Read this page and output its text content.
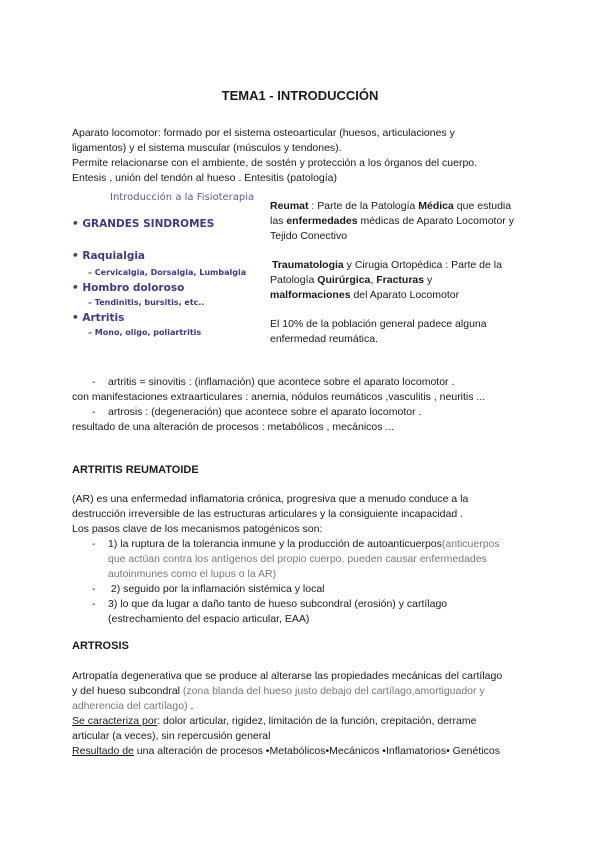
TEMA1 - INTRODUCCIÓN
Aparato locomotor: formado por el sistema osteoarticular (huesos, articulaciones y
ligamentos) y el sistema muscular (músculos y tendones).
Permite relacionarse con el ambiente, de sostén y protección a los órganos del cuerpo.
Entesis , unión del tendón al hueso . Entesitis (patología)
Introducción a la Fisioterapia
• GRANDES SINDROMES
• Raquialgia
– Cervicalgia, Dorsalgia, Lumbalgia
• Hombro doloroso
– Tendinitis, bursitis, etc..
• Artritis
– Mono, oligo, poliartritis
Reumat : Parte de la Patología Médica que estudia
las enfermedades médicas de Aparato Locomotor y
Tejido Conectivo
Traumatologia y Cirugia Ortopédica : Parte de la
Patología Quirúrgica, Fracturas y
malformaciones del Aparato Locomotor
El 10% de la población general padece alguna
enfermedad reumática.
- artritis = sinovitis : (inflamación) que acontece sobre el aparato locomotor .
con manifestaciones extraarticulares : anemia, nódulos reumáticos ,vasculitis , neuritis ...
- artrosis : (degeneración) que acontece sobre el aparato locomotor .
resultado de una alteración de procesos : metabólicos , mecánicos ...
ARTRITIS REUMATOIDE
(AR) es una enfermedad inflamatoria crónica, progresiva que a menudo conduce a la
destrucción irreversible de las estructuras articulares y la consiguiente incapacidad .
Los pasos clave de los mecanismos patogénicos son:
- 1) la ruptura de la tolerancia inmune y la producción de autoanticuerpos(anticuerpos
que actúan contra los antígenos del propio cuerpo, pueden causar enfermedades
autoinmunes como el lupus o la AR)
- 2) seguido por la inflamación sistémica y local
- 3) lo que da lugar a daño tanto de hueso subcondral (erosión) y cartílago
(estrechamiento del espacio articular, EAA)
ARTROSIS
Artropatía degenerativa que se produce al alterarse las propiedades mecánicas del cartílago
y del hueso subcondral (zona blanda del hueso justo debajo del cartílago,amortiguador y
adherencia del cartílago) .
Se caracteriza por: dolor articular, rigidez, limitación de la función, crepitación, derrame
articular (a veces), sin repercusión general
Resultado de una alteración de procesos •Metabólicos•Mecánicos •Inflamatorios• Genéticos
